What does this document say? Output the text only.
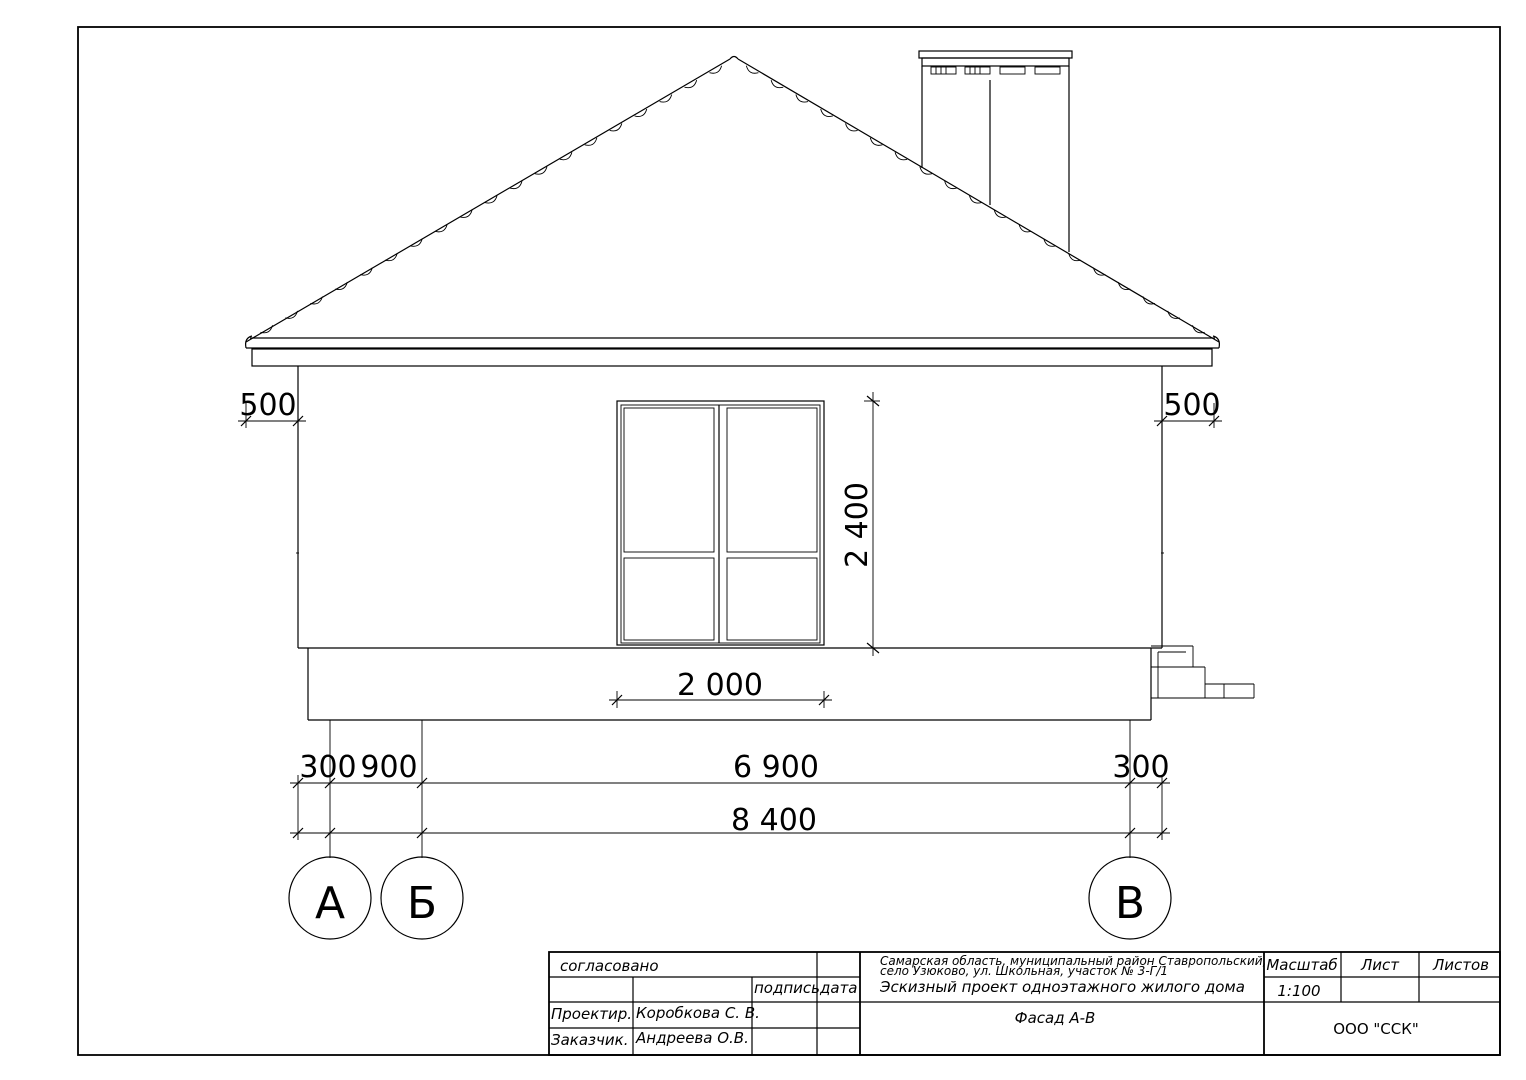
500	500
2 400
2 000
300 900	6 900	300
8 400
А Б	В
согласовано
подпись дата
Проектир. Коробкова С. В.
Заказчик. Андреева О.В.
Самарская область, муниципальный район Ставропольский,
село Узюково, ул. Школьная, участок № 3-Г/1
Эскизный проект одноэтажного жилого дома
Фасад А-В
Масштаб
1:100
Лист Листов
ООО "ССК"
